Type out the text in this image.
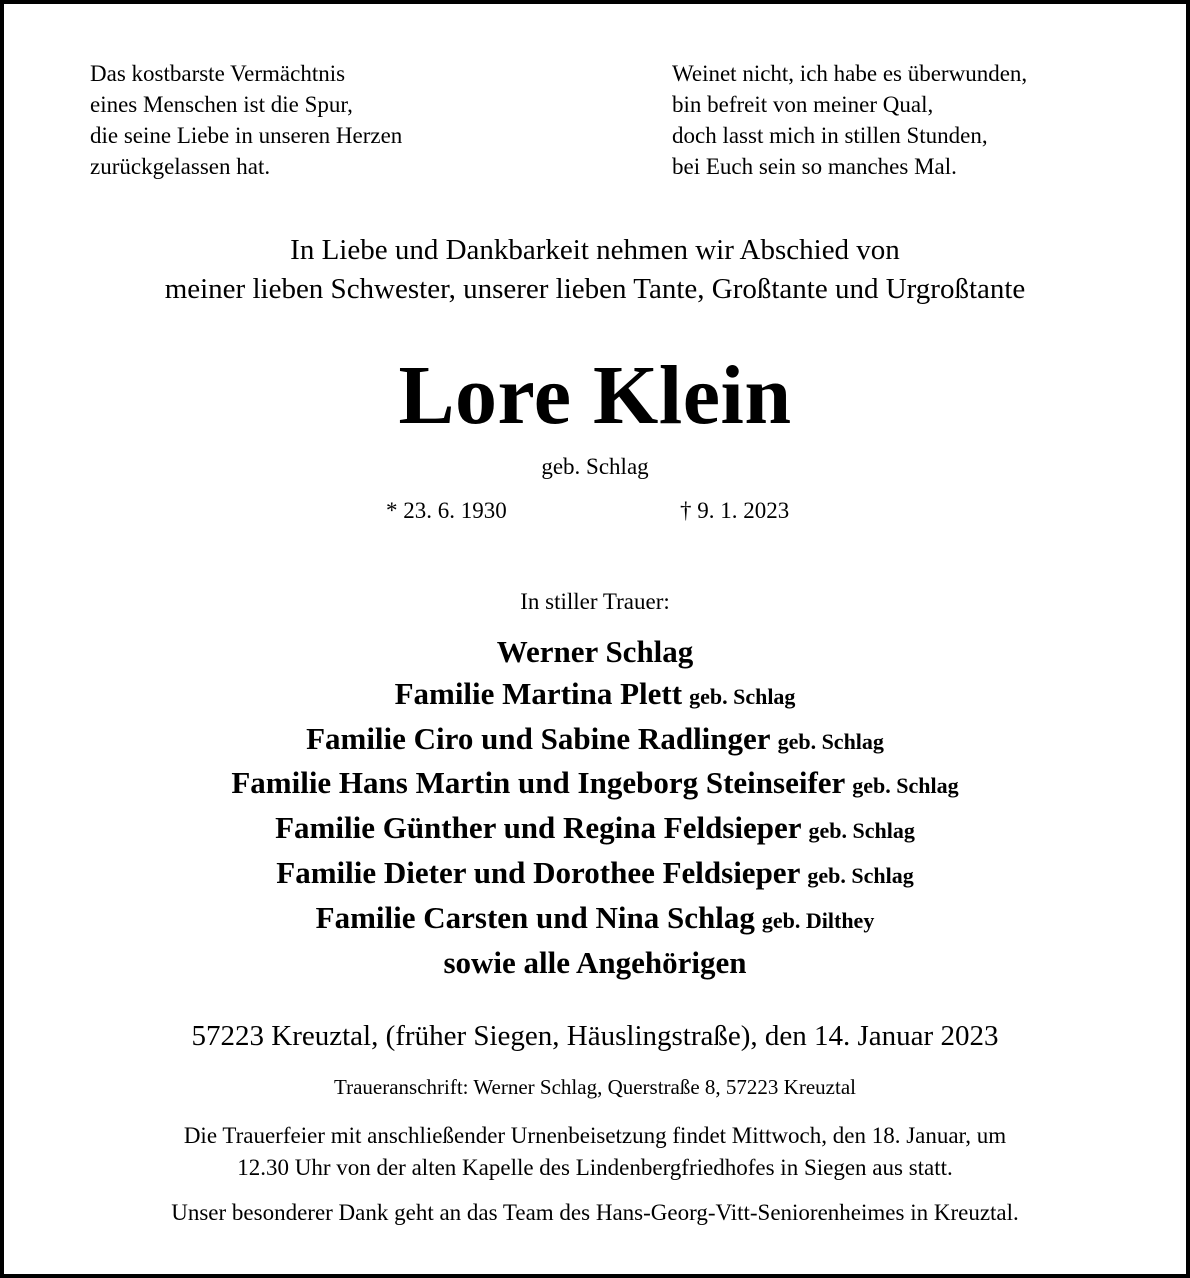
Das kostbarste Vermächtnis
eines Menschen ist die Spur,
die seine Liebe in unseren Herzen
zurückgelassen hat.
Weinet nicht, ich habe es überwunden,
bin befreit von meiner Qual,
doch lasst mich in stillen Stunden,
bei Euch sein so manches Mal.
In Liebe und Dankbarkeit nehmen wir Abschied von
meiner lieben Schwester, unserer lieben Tante, Großtante und Urgroßtante
Lore Klein
geb. Schlag
* 23. 6. 1930	† 9. 1. 2023
In stiller Trauer:
Werner Schlag
Familie Martina Plett geb. Schlag
Familie Ciro und Sabine Radlinger geb. Schlag
Familie Hans Martin und Ingeborg Steinseifer geb. Schlag
Familie Günther und Regina Feldsieper geb. Schlag
Familie Dieter und Dorothee Feldsieper geb. Schlag
Familie Carsten und Nina Schlag geb. Dilthey
sowie alle Angehörigen
57223 Kreuztal, (früher Siegen, Häuslingstraße), den 14. Januar 2023
Traueranschrift: Werner Schlag, Querstraße 8, 57223 Kreuztal
Die Trauerfeier mit anschließender Urnenbeisetzung findet Mittwoch, den 18. Januar, um
12.30 Uhr von der alten Kapelle des Lindenbergfriedhofes in Siegen aus statt.
Unser besonderer Dank geht an das Team des Hans-Georg-Vitt-Seniorenheimes in Kreuztal.
